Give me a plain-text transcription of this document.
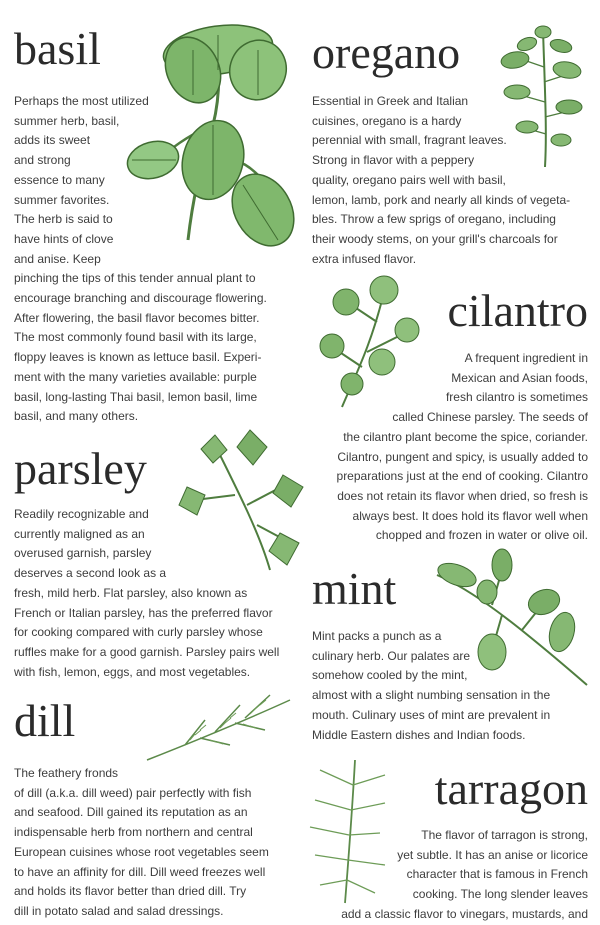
basil
Perhaps the most utilized
summer herb, basil,
adds its sweet
and strong
essence to many
summer favorites.
The herb is said to
have hints of clove
and anise. Keep
pinching the tips of this tender annual plant to
encourage branching and discourage flowering.
After flowering, the basil flavor becomes bitter.
The most commonly found basil with its large,
floppy leaves is known as lettuce basil. Experi-
ment with the many varieties available: purple
basil, long-lasting Thai basil, lemon basil, lime
basil, and many others.
oregano
Essential in Greek and Italian
cuisines, oregano is a hardy
perennial with small, fragrant leaves.
Strong in flavor with a peppery
quality, oregano pairs well with basil,
lemon, lamb, pork and nearly all kinds of vegeta-
bles. Throw a few sprigs of oregano, including
their woody stems, on your grill's charcoals for
extra infused flavor.
cilantro
A frequent ingredient in
Mexican and Asian foods,
fresh cilantro is sometimes
called Chinese parsley. The seeds of
the cilantro plant become the spice, coriander.
Cilantro, pungent and spicy, is usually added to
preparations just at the end of cooking. Cilantro
does not retain its flavor when dried, so fresh is
always best. It does hold its flavor well when
chopped and frozen in water or olive oil.
parsley
Readily recognizable and
currently maligned as an
overused garnish, parsley
deserves a second look as a
fresh, mild herb. Flat parsley, also known as
French or Italian parsley, has the preferred flavor
for cooking compared with curly parsley whose
ruffles make for a good garnish. Parsley pairs well
with fish, lemon, eggs, and most vegetables.
mint
Mint packs a punch as a
culinary herb. Our palates are
somehow cooled by the mint,
almost with a slight numbing sensation in the
mouth. Culinary uses of mint are prevalent in
Middle Eastern dishes and Indian foods.
dill
The feathery fronds
of dill (a.k.a. dill weed) pair perfectly with fish
and seafood. Dill gained its reputation as an
indispensable herb from northern and central
European cuisines whose root vegetables seem
to have an affinity for dill. Dill weed freezes well
and holds its flavor better than dried dill. Try
dill in potato salad and salad dressings.
tarragon
The flavor of tarragon is strong,
yet subtle. It has an anise or licorice
character that is famous in French
cooking. The long slender leaves
add a classic flavor to vinegars, mustards, and
